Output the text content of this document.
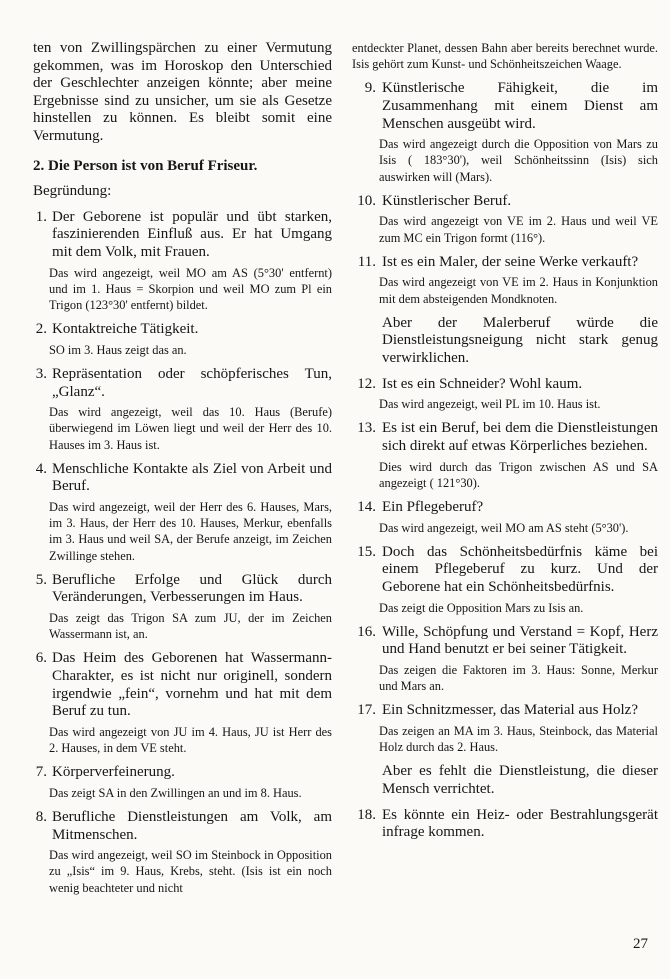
ten von Zwillingspärchen zu einer Vermutung gekommen, was im Horoskop den Unterschied der Geschlechter anzeigen könnte; aber meine Ergebnisse sind zu unsicher, um sie als Gesetze hinstellen zu können. Es bleibt somit eine Vermutung.

2. Die Person ist von Beruf Friseur.

Begründung:

1. Der Geborene ist populär und übt starken, faszinierenden Einfluß aus. Er hat Umgang mit dem Volk, mit Frauen.

Das wird angezeigt, weil MO am AS (5°30' entfernt) und im 1. Haus = Skorpion und weil MO zum Pl ein Trigon (123°30' entfernt) bildet.

2. Kontaktreiche Tätigkeit.

SO im 3. Haus zeigt das an.

3. Repräsentation oder schöpferisches Tun, „Glanz“.

Das wird angezeigt, weil das 10. Haus (Berufe) überwiegend im Löwen liegt und weil der Herr des 10. Hauses im 3. Haus ist.

4. Menschliche Kontakte als Ziel von Arbeit und Beruf.

Das wird angezeigt, weil der Herr des 6. Hauses, Mars, im 3. Haus, der Herr des 10. Hauses, Merkur, ebenfalls im 3. Haus und weil SA, der Berufe anzeigt, im Zeichen Zwillinge stehen.

5. Berufliche Erfolge und Glück durch Veränderungen, Verbesserungen im Haus.

Das zeigt das Trigon SA zum JU, der im Zeichen Wassermann ist, an.

6. Das Heim des Geborenen hat Wassermann-Charakter, es ist nicht nur originell, sondern irgendwie „fein“, vornehm und hat mit dem Beruf zu tun.

Das wird angezeigt von JU im 4. Haus, JU ist Herr des 2. Hauses, in dem VE steht.

7. Körperverfeinerung.

Das zeigt SA in den Zwillingen an und im 8. Haus.

8. Berufliche Dienstleistungen am Volk, am Mitmenschen.

Das wird angezeigt, weil SO im Steinbock in Opposition zu „Isis“ im 9. Haus, Krebs, steht. (Isis ist ein noch wenig beachteter und nicht

entdeckter Planet, dessen Bahn aber bereits berechnet wurde. Isis gehört zum Kunst- und Schönheitszeichen Waage.

9. Künstlerische Fähigkeit, die im Zusammenhang mit einem Dienst am Menschen ausgeübt wird.

Das wird angezeigt durch die Opposition von Mars zu Isis ( 183°30'), weil Schönheitssinn (Isis) sich auswirken will (Mars).

10. Künstlerischer Beruf.

Das wird angezeigt von VE im 2. Haus und weil VE zum MC ein Trigon formt (116°).

11. Ist es ein Maler, der seine Werke verkauft?

Das wird angezeigt von VE im 2. Haus in Konjunktion mit dem absteigenden Mondknoten.

Aber der Malerberuf würde die Dienstleistungsneigung nicht stark genug verwirklichen.

12. Ist es ein Schneider? Wohl kaum.

Das wird angezeigt, weil PL im 10. Haus ist.

13. Es ist ein Beruf, bei dem die Dienstleistungen sich direkt auf etwas Körperliches beziehen.

Dies wird durch das Trigon zwischen AS und SA angezeigt ( 121°30).

14. Ein Pflegeberuf?

Das wird angezeigt, weil MO am AS steht (5°30').

15. Doch das Schönheitsbedürfnis käme bei einem Pflegeberuf zu kurz. Und der Geborene hat ein Schönheitsbedürfnis.

Das zeigt die Opposition Mars zu Isis an.

16. Wille, Schöpfung und Verstand = Kopf, Herz und Hand benutzt er bei seiner Tätigkeit.

Das zeigen die Faktoren im 3. Haus: Sonne, Merkur und Mars an.

17. Ein Schnitzmesser, das Material aus Holz?

Das zeigen an MA im 3. Haus, Steinbock, das Material Holz durch das 2. Haus.

Aber es fehlt die Dienstleistung, die dieser Mensch verrichtet.

18. Es könnte ein Heiz- oder Bestrahlungsgerät infrage kommen.

27
